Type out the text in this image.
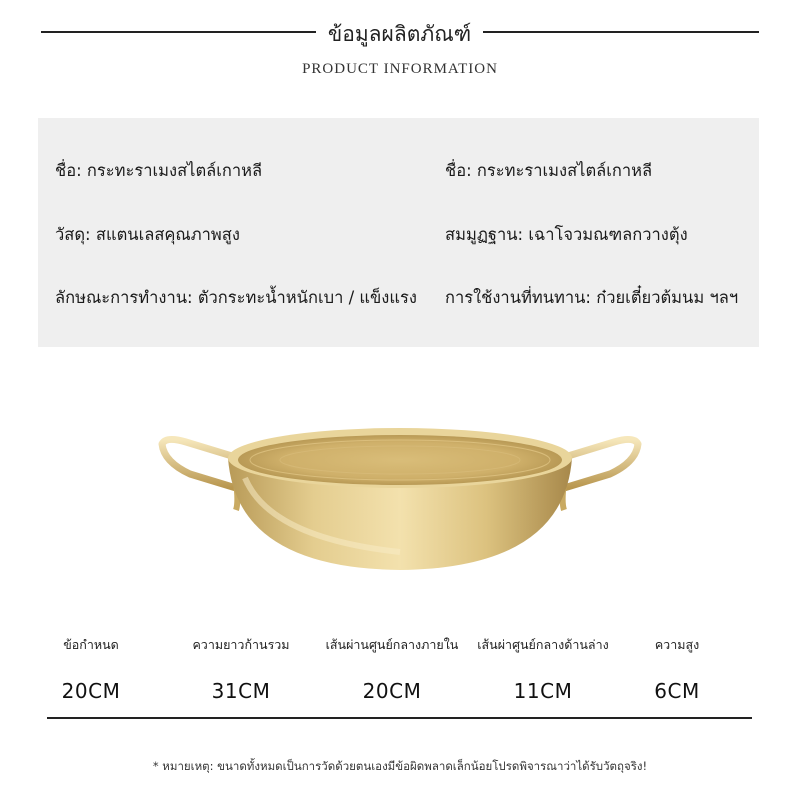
ข้อมูลผลิตภัณฑ์
PRODUCT INFORMATION
ชื่อ: กระทะราเมงสไตล์เกาหลี
วัสดุ: สแตนเลสคุณภาพสูง
ลักษณะการทำงาน: ตัวกระทะน้ำหนักเบา / แข็งแรง
ชื่อ: กระทะราเมงสไตล์เกาหลี
สมมูฏฐาน: เฉาโจวมณฑลกวางตุ้ง
การใช้งานที่ทนทาน: ก๋วยเตี๋ยวต้มนม ฯลฯ
ข้อกำหนด	ความยาวก้านรวม	เส้นผ่านศูนย์กลางภายใน	เส้นผ่าศูนย์กลางด้านล่าง	ความสูง
20CM	31CM	20CM	11CM	6CM
* หมายเหตุ: ขนาดทั้งหมดเป็นการวัดด้วยตนเองมีข้อผิดพลาดเล็กน้อยโปรดพิจารณาว่าได้รับวัตถุจริง!
